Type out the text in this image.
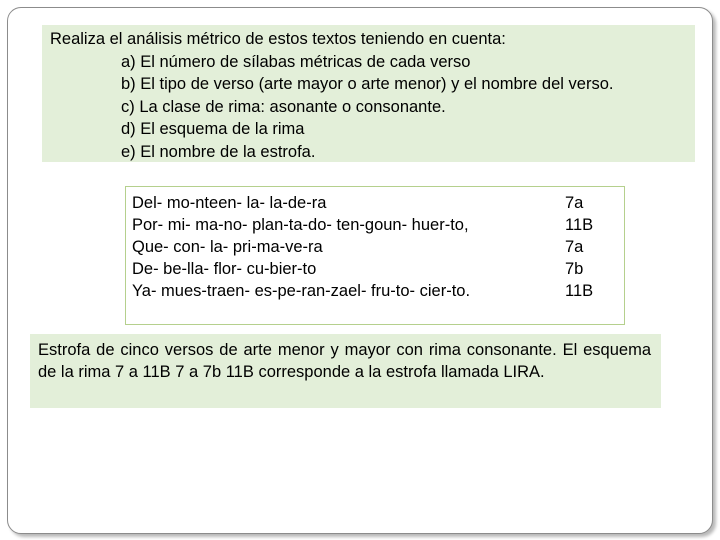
Realiza el análisis métrico de estos textos teniendo en cuenta:
a) El número de sílabas métricas de cada verso
b) El tipo de verso (arte mayor o arte menor) y el nombre del verso.
c) La clase de rima: asonante o consonante.
d) El esquema de la rima
e) El nombre de la estrofa.
Del- mo-nteen- la- la-de-ra	7a
Por- mi- ma-no- plan-ta-do- ten-goun- huer-to,	11B
Que- con- la- pri-ma-ve-ra	7a
De- be-lla- flor- cu-bier-to	7b
Ya- mues-traen- es-pe-ran-zael- fru-to- cier-to.	11B
Estrofa de cinco versos de arte menor y mayor con rima consonante. El esquema de la rima 7 a 11B 7 a 7b 11B corresponde a la estrofa llamada LIRA.
